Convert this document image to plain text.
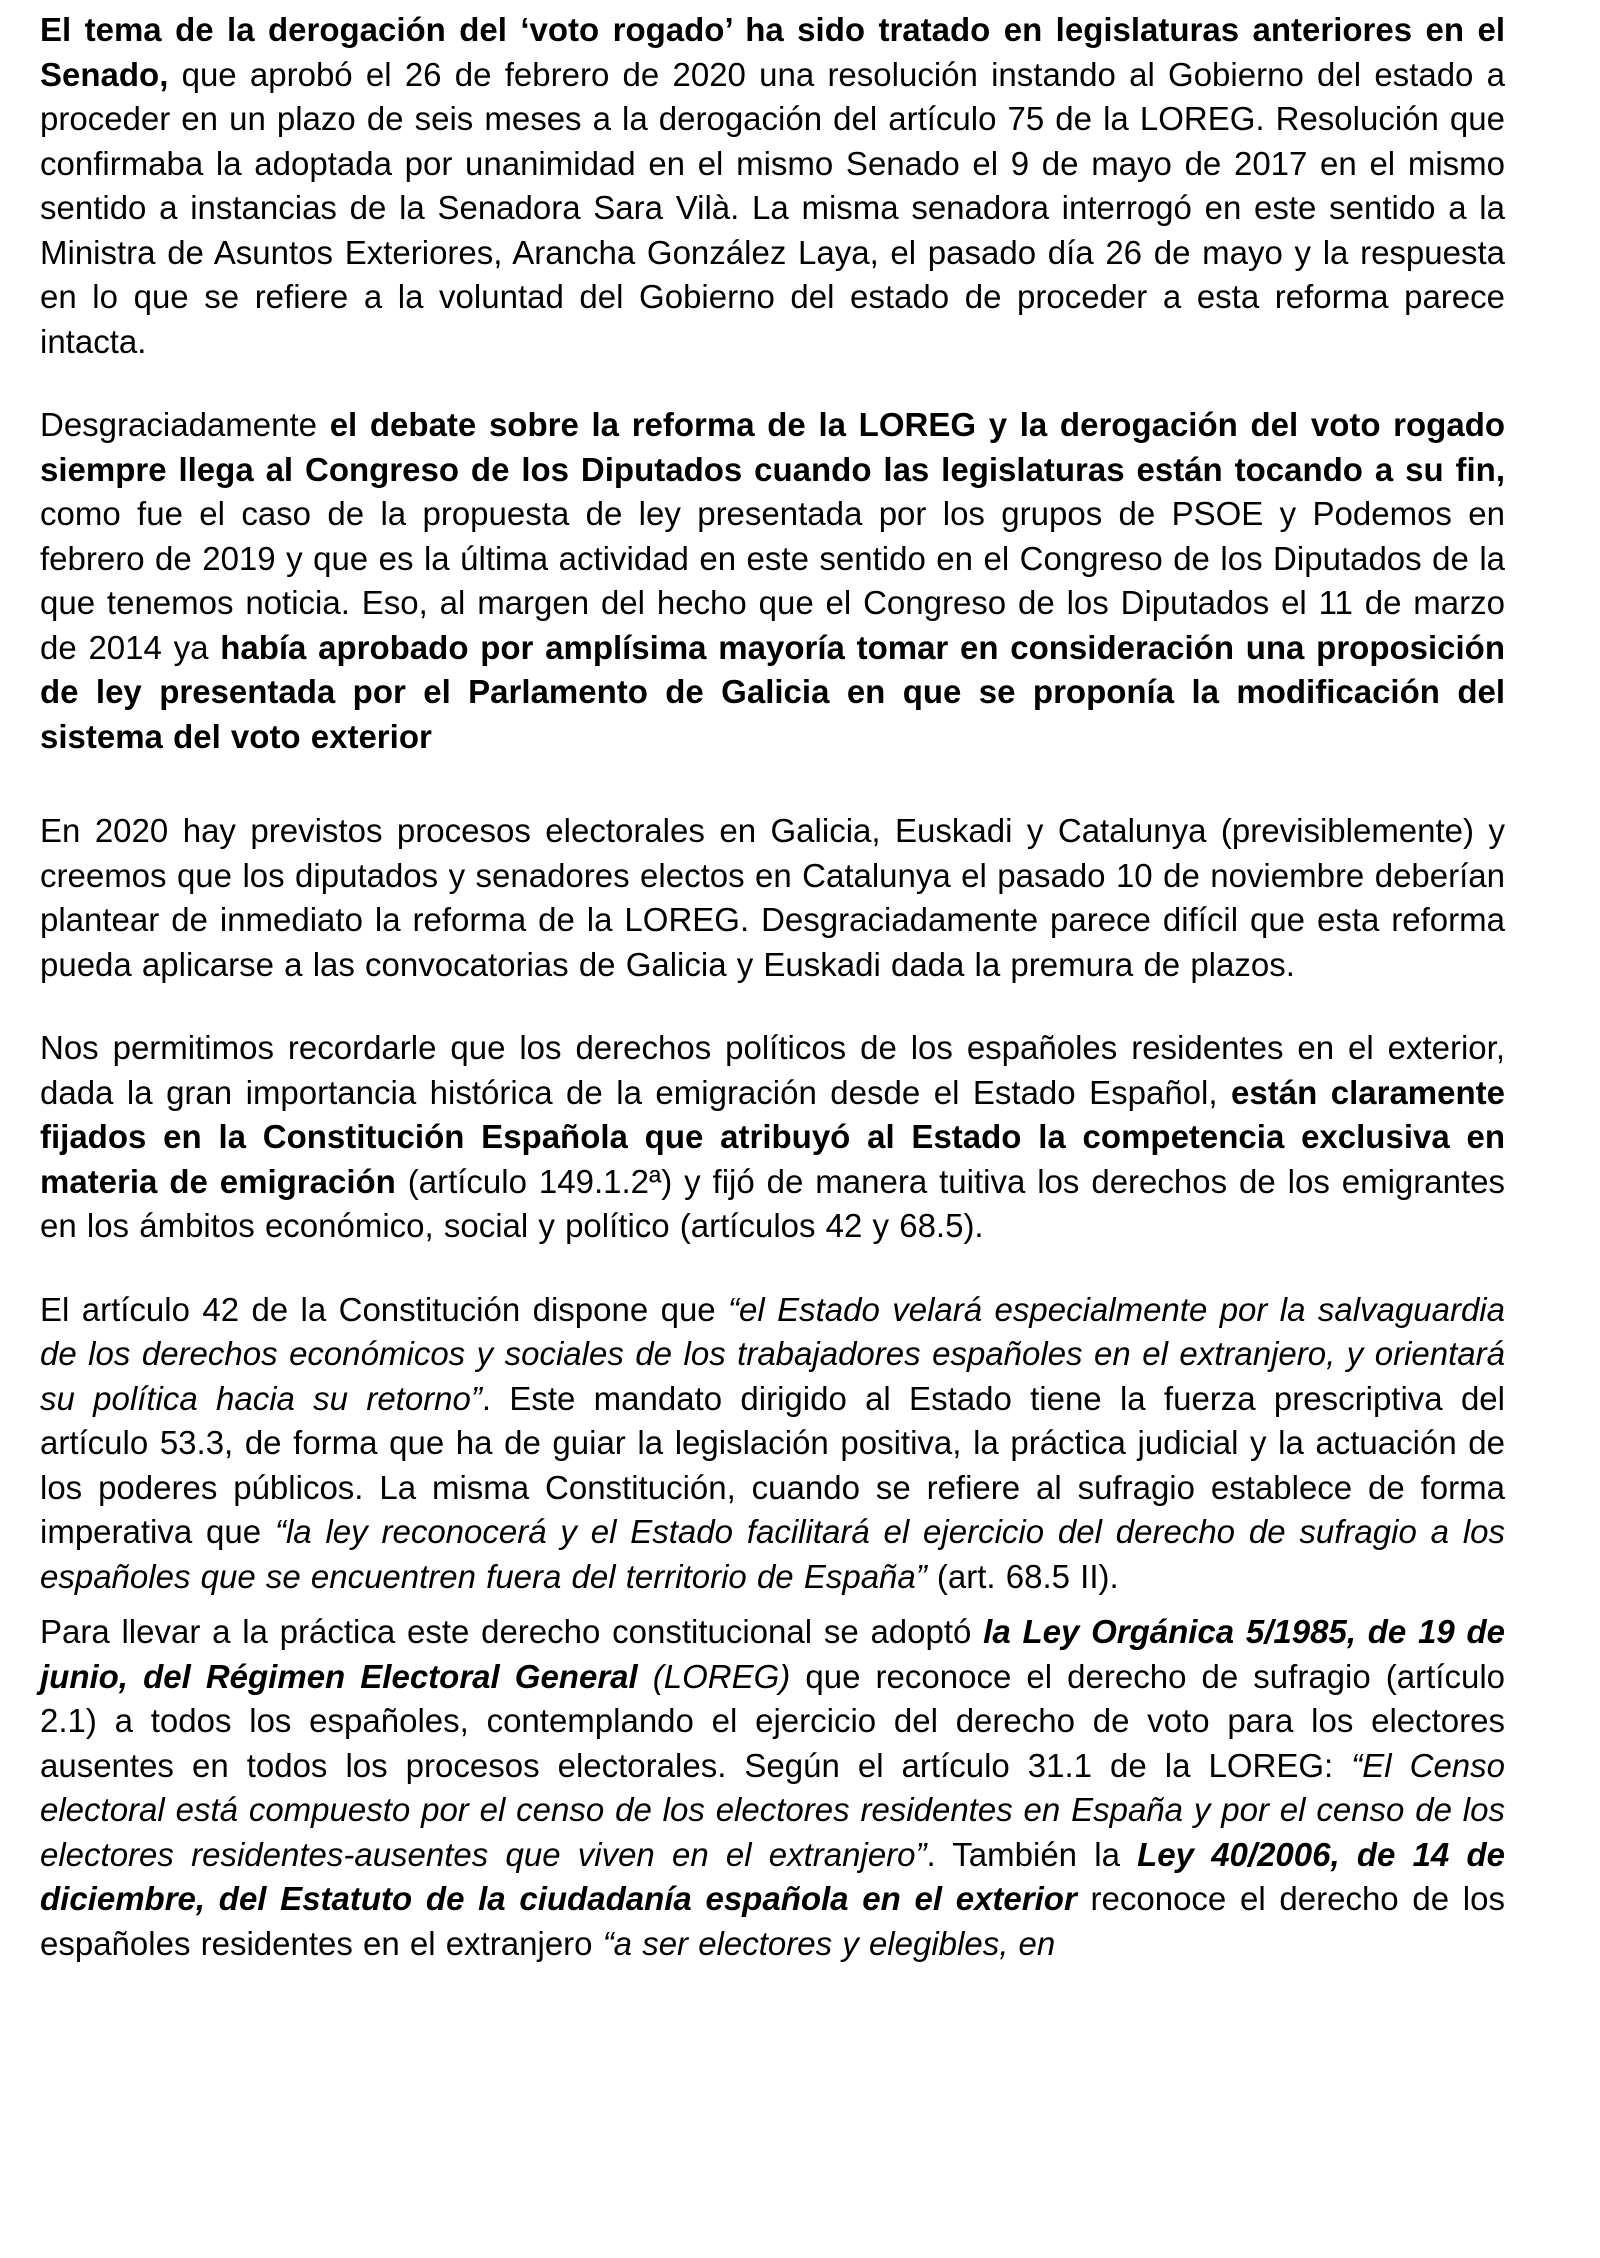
El tema de la derogación del ‘voto rogado’ ha sido tratado en legislaturas anteriores en el Senado, que aprobó el 26 de febrero de 2020 una resolución instando al Gobierno del estado a proceder en un plazo de seis meses a la derogación del artículo 75 de la LOREG. Resolución que confirmaba la adoptada por unanimidad en el mismo Senado el 9 de mayo de 2017 en el mismo sentido a instancias de la Senadora Sara Vilà. La misma senadora interrogó en este sentido a la Ministra de Asuntos Exteriores, Arancha González Laya, el pasado día 26 de mayo y la respuesta en lo que se refiere a la voluntad del Gobierno del estado de proceder a esta reforma parece intacta.

Desgraciadamente el debate sobre la reforma de la LOREG y la derogación del voto rogado siempre llega al Congreso de los Diputados cuando las legislaturas están tocando a su fin, como fue el caso de la propuesta de ley presentada por los grupos de PSOE y Podemos en febrero de 2019 y que es la última actividad en este sentido en el Congreso de los Diputados de la que tenemos noticia. Eso, al margen del hecho que el Congreso de los Diputados el 11 de marzo de 2014 ya había aprobado por amplísima mayoría tomar en consideración una proposición de ley presentada por el Parlamento de Galicia en que se proponía la modificación del sistema del voto exterior

En 2020 hay previstos procesos electorales en Galicia, Euskadi y Catalunya (previsiblemente) y creemos que los diputados y senadores electos en Catalunya el pasado 10 de noviembre deberían plantear de inmediato la reforma de la LOREG. Desgraciadamente parece difícil que esta reforma pueda aplicarse a las convocatorias de Galicia y Euskadi dada la premura de plazos.

Nos permitimos recordarle que los derechos políticos de los españoles residentes en el exterior, dada la gran importancia histórica de la emigración desde el Estado Español, están claramente fijados en la Constitución Española que atribuyó al Estado la competencia exclusiva en materia de emigración (artículo 149.1.2ª) y fijó de manera tuitiva los derechos de los emigrantes en los ámbitos económico, social y político (artículos 42 y 68.5).

El artículo 42 de la Constitución dispone que “el Estado velará especialmente por la salvaguardia de los derechos económicos y sociales de los trabajadores españoles en el extranjero, y orientará su política hacia su retorno”. Este mandato dirigido al Estado tiene la fuerza prescriptiva del artículo 53.3, de forma que ha de guiar la legislación positiva, la práctica judicial y la actuación de los poderes públicos. La misma Constitución, cuando se refiere al sufragio establece de forma imperativa que “la ley reconocerá y el Estado facilitará el ejercicio del derecho de sufragio a los españoles que se encuentren fuera del territorio de España” (art. 68.5 II).

Para llevar a la práctica este derecho constitucional se adoptó la Ley Orgánica 5/1985, de 19 de junio, del Régimen Electoral General (LOREG) que reconoce el derecho de sufragio (artículo 2.1) a todos los españoles, contemplando el ejercicio del derecho de voto para los electores ausentes en todos los procesos electorales. Según el artículo 31.1 de la LOREG: “El Censo electoral está compuesto por el censo de los electores residentes en España y por el censo de los electores residentes-ausentes que viven en el extranjero”. También la Ley 40/2006, de 14 de diciembre, del Estatuto de la ciudadanía española en el exterior reconoce el derecho de los españoles residentes en el extranjero “a ser electores y elegibles, en
